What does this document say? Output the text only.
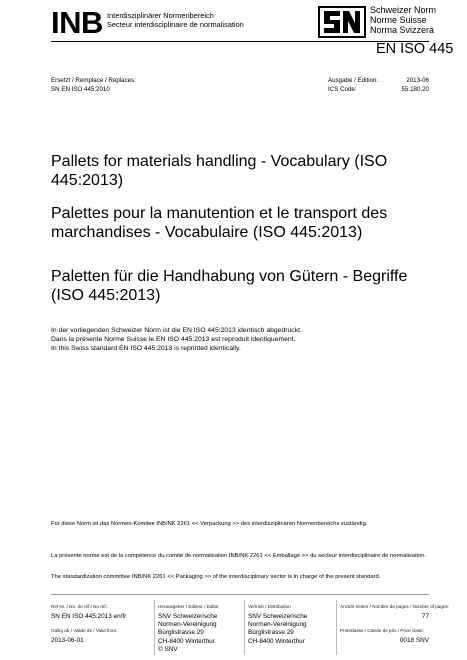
INB Interdisziplinärer Normenbereich
Secteur interdisciplinaire de normalisation
Schweizer Norm
Norme Suisse
Norma Svizzera
EN ISO 445
Ersetzt / Remplace / Replaces:
SN EN ISO 445:2010
Ausgabe / Edition:
ICS Code:
2013-06
55.180.20
Pallets for materials handling - Vocabulary (ISO 445:2013)
Palettes pour la manutention et le transport des marchandises - Vocabulaire (ISO 445:2013)
Paletten für die Handhabung von Gütern - Begriffe (ISO 445:2013)
In der vorliegenden Schweizer Norm ist die EN ISO 445:2013 identisch abgedruckt.
Dans la présente Norme Suisse le EN ISO 445:2013 est reproduit identiquement.
In this Swiss standard EN ISO 445:2013 is reprinted identically.
Für diese Norm ist das Normen-Komitee INB/NK 2261 << Verpackung >> des interdisziplinären Normenbereichs zuständig.
La présente norme est de la compétence du comité de normalisation INB/NK 2261 << Emballage >> du secteur interdisciplinaire de normalisation.
The standardization committee INB/NK 2261 << Packaging >> of the interdisciplinary sector is in charge of the present standard.
Ref Nr. / No. de réf / No ref.:
SN EN ISO 445:2013 en/fr
Gültig ab / Valide de / Valid from:
2013-06-01
Herausgeber / Editeur / Editor
SNV Schweizerische
Normen-Vereinigung
Bürglistrasse 29
CH-8400 Winterthur
© SNV
Vertrieb / Distribution
SNV Schweizerische
Normen-Vereinigung
Bürglistrasse 29
CH-8400 Winterthur
Anzahl Seiten / Nombre de pages / Number of pages:
77
Preisklasse / Classe de prix / Price class:
0018 SNV
